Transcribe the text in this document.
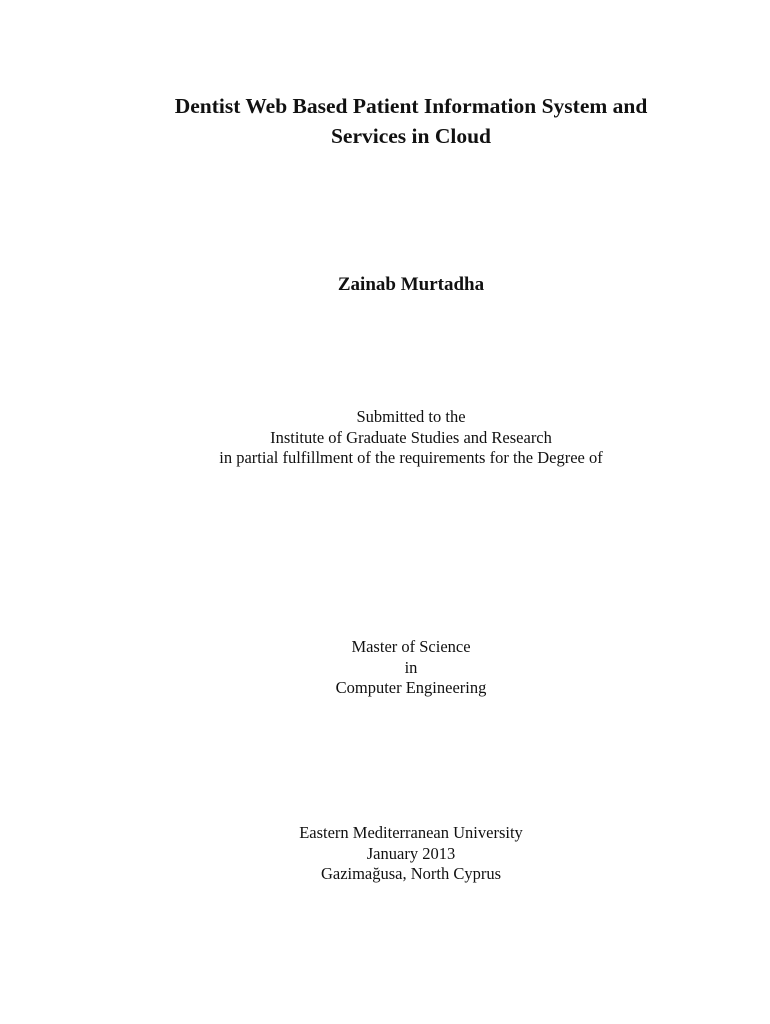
Dentist Web Based Patient Information System and
Services in Cloud
Zainab Murtadha
Submitted to the
Institute of Graduate Studies and Research
in partial fulfillment of the requirements for the Degree of
Master of Science
in
Computer Engineering
Eastern Mediterranean University
January 2013
Gazimağusa, North Cyprus
